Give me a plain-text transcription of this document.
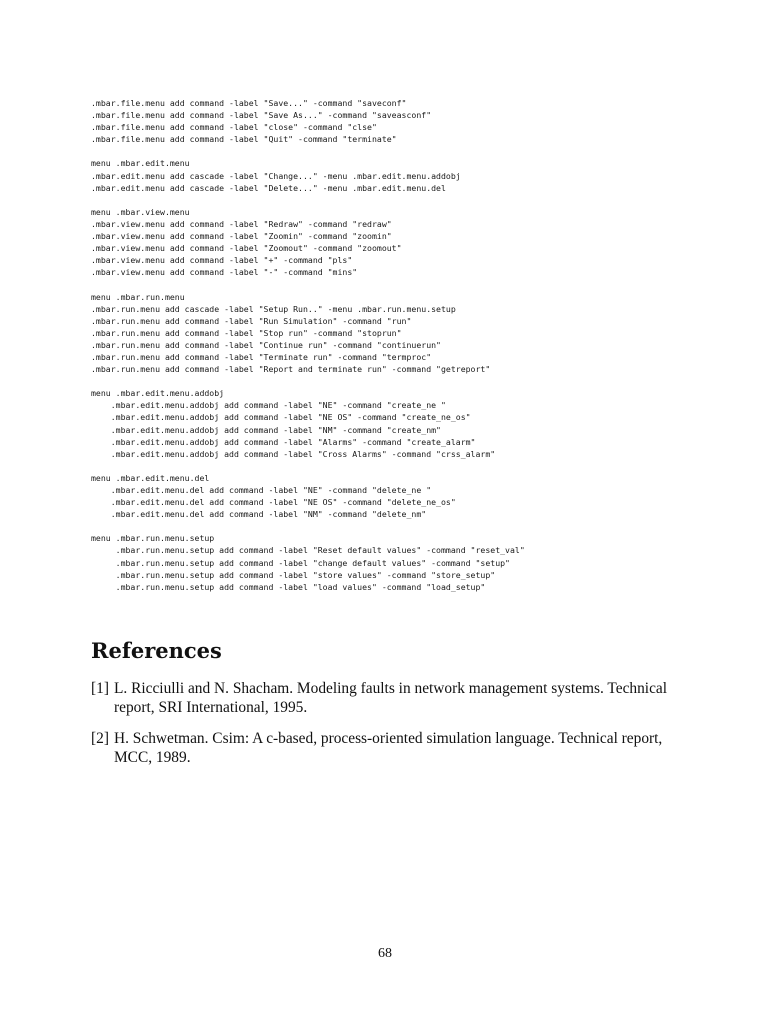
.mbar.file.menu add command -label "Save..." -command "saveconf"
.mbar.file.menu add command -label "Save As..." -command "saveasconf"
.mbar.file.menu add command -label "close" -command "clse"
.mbar.file.menu add command -label "Quit" -command "terminate"
menu .mbar.edit.menu
.mbar.edit.menu add cascade -label "Change..." -menu .mbar.edit.menu.addobj
.mbar.edit.menu add cascade -label "Delete..." -menu .mbar.edit.menu.del
menu .mbar.view.menu
.mbar.view.menu add command -label "Redraw" -command "redraw"
.mbar.view.menu add command -label "Zoomin" -command "zoomin"
.mbar.view.menu add command -label "Zoomout" -command "zoomout"
.mbar.view.menu add command -label "+" -command "pls"
.mbar.view.menu add command -label "-" -command "mins"
menu .mbar.run.menu
.mbar.run.menu add cascade -label "Setup Run.." -menu .mbar.run.menu.setup
.mbar.run.menu add command -label "Run Simulation" -command "run"
.mbar.run.menu add command -label "Stop run" -command "stoprun"
.mbar.run.menu add command -label "Continue run" -command "continuerun"
.mbar.run.menu add command -label "Terminate run" -command "termproc"
.mbar.run.menu add command -label "Report and terminate run" -command "getreport"
menu .mbar.edit.menu.addobj
.mbar.edit.menu.addobj add command -label "NE" -command "create_ne "
.mbar.edit.menu.addobj add command -label "NE OS" -command "create_ne_os"
.mbar.edit.menu.addobj add command -label "NM" -command "create_nm"
.mbar.edit.menu.addobj add command -label "Alarms" -command "create_alarm"
.mbar.edit.menu.addobj add command -label "Cross Alarms" -command "crss_alarm"
menu .mbar.edit.menu.del
.mbar.edit.menu.del add command -label "NE" -command "delete_ne "
.mbar.edit.menu.del add command -label "NE OS" -command "delete_ne_os"
.mbar.edit.menu.del add command -label "NM" -command "delete_nm"
menu .mbar.run.menu.setup
.mbar.run.menu.setup add command -label "Reset default values" -command "reset_val"
.mbar.run.menu.setup add command -label "change default values" -command "setup"
.mbar.run.menu.setup add command -label "store values" -command "store_setup"
.mbar.run.menu.setup add command -label "load values" -command "load_setup"
References
[1] L. Ricciulli and N. Shacham. Modeling faults in network management systems. Technical report, SRI International, 1995.
[2] H. Schwetman. Csim: A c-based, process-oriented simulation language. Technical report, MCC, 1989.
68
